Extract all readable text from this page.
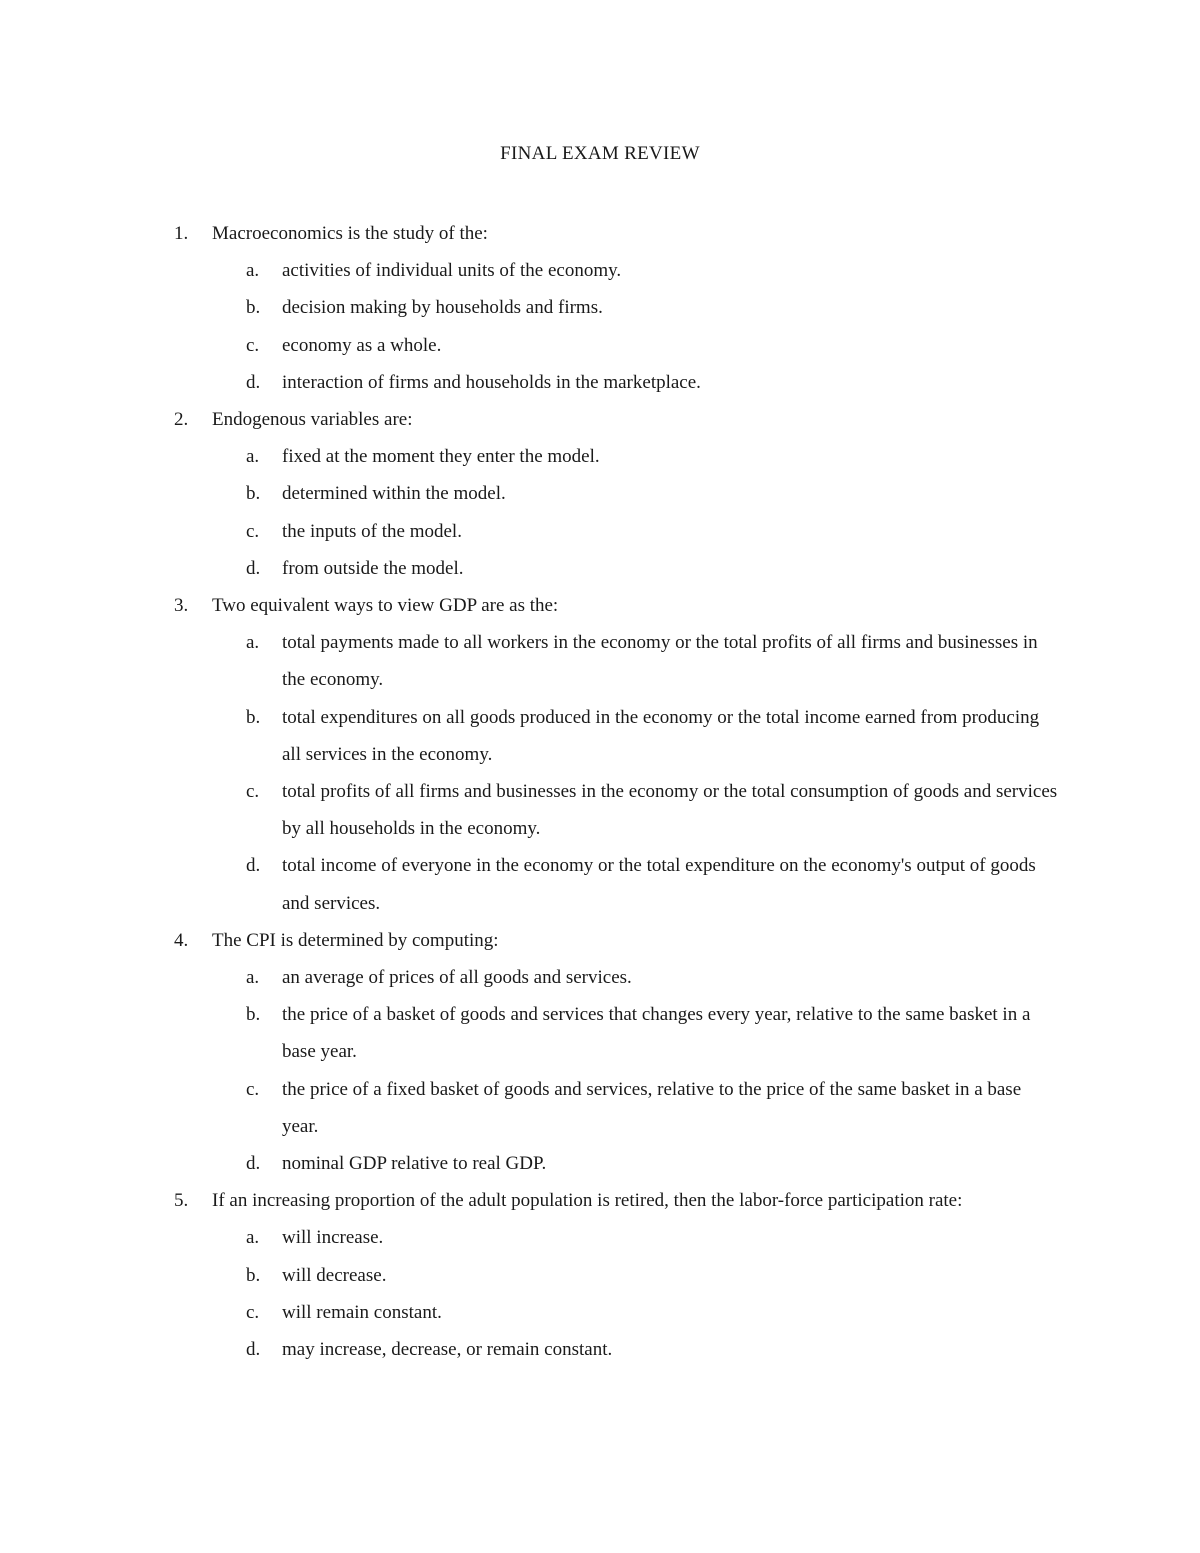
FINAL EXAM REVIEW
1. Macroeconomics is the study of the:
a. activities of individual units of the economy.
b. decision making by households and firms.
c. economy as a whole.
d. interaction of firms and households in the marketplace.
2. Endogenous variables are:
a. fixed at the moment they enter the model.
b. determined within the model.
c. the inputs of the model.
d. from outside the model.
3. Two equivalent ways to view GDP are as the:
a. total payments made to all workers in the economy or the total profits of all firms and businesses in the economy.
b. total expenditures on all goods produced in the economy or the total income earned from producing all services in the economy.
c. total profits of all firms and businesses in the economy or the total consumption of goods and services by all households in the economy.
d. total income of everyone in the economy or the total expenditure on the economy's output of goods and services.
4. The CPI is determined by computing:
a. an average of prices of all goods and services.
b. the price of a basket of goods and services that changes every year, relative to the same basket in a base year.
c. the price of a fixed basket of goods and services, relative to the price of the same basket in a base year.
d. nominal GDP relative to real GDP.
5. If an increasing proportion of the adult population is retired, then the labor-force participation rate:
a. will increase.
b. will decrease.
c. will remain constant.
d. may increase, decrease, or remain constant.
